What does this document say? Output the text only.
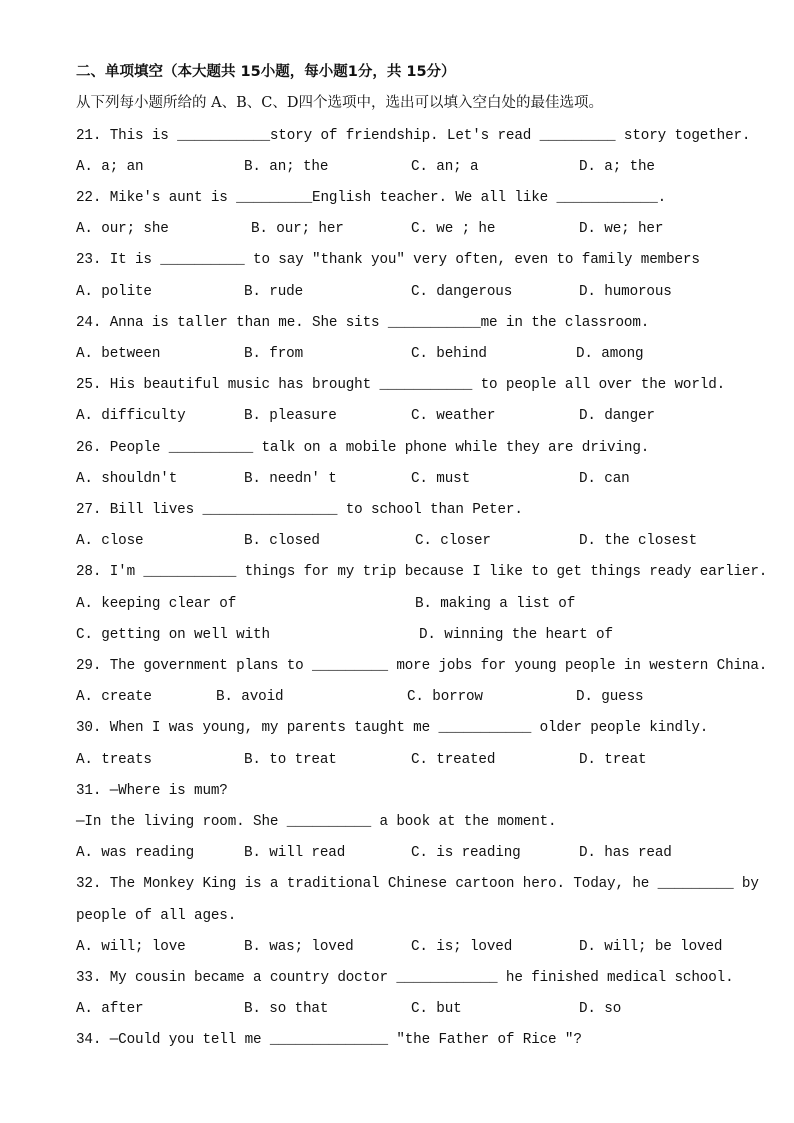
二、单项填空（本大题共 15小题，每小题1分，共 15分）
从下列每小题所给的 A、B、C、D四个选项中，选出可以填入空白处的最佳选项。
21. This is ___________story of friendship. Let's read _________ story together.
A. a; an	B. an; the	C. an; a	D. a; the
22. Mike's aunt is _________English teacher. We all like ____________.
A. our; she	B. our; her	C. we ; he	D. we; her
23. It is __________ to say "thank you" very often, even to family members
A. polite	B. rude	C. dangerous	D. humorous
24. Anna is taller than me. She sits ___________me in the classroom.
A. between	B. from	C. behind	D. among
25. His beautiful music has brought ___________ to people all over the world.
A. difficulty	B. pleasure	C. weather	D. danger
26. People __________ talk on a mobile phone while they are driving.
A. shouldn't	B. needn' t	C. must	D. can
27. Bill lives ________________ to school than Peter.
A. close	B. closed	C. closer	D. the closest
28. I'm ___________ things for my trip because I like to get things ready earlier.
A. keeping clear of	B. making a list of
C. getting on well with	D. winning the heart of
29. The government plans to _________ more jobs for young people in western China.
A. create	B. avoid	C. borrow	D. guess
30. When I was young, my parents taught me ___________ older people kindly.
A. treats	B. to treat	C. treated	D. treat
31. —Where is mum?
—In the living room. She __________ a book at the moment.
A. was reading	B. will read	C. is reading	D. has read
32. The Monkey King is a traditional Chinese cartoon hero. Today, he _________ by
people of all ages.
A. will; love	B. was; loved	C. is; loved	D. will; be loved
33. My cousin became a country doctor ____________ he finished medical school.
A. after	B. so that	C. but	D. so
34. —Could you tell me ______________ "the Father of Rice "?
